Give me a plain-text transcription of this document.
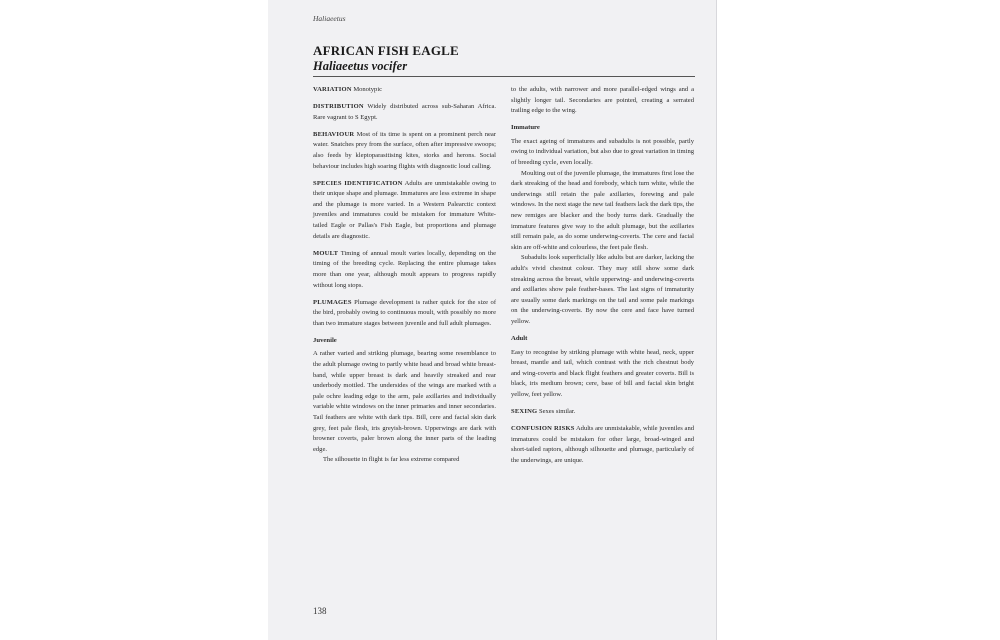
Haliaeetus
AFRICAN FISH EAGLE
Haliaeetus vocifer

VARIATION Monotypic

DISTRIBUTION Widely distributed across sub-Saharan Africa. Rare vagrant to S Egypt.

BEHAVIOUR Most of its time is spent on a prominent perch near water. Snatches prey from the surface, often after impressive swoops; also feeds by kleptoparasitising kites, storks and herons. Social behaviour includes high soaring flights with diagnostic loud calling.

SPECIES IDENTIFICATION Adults are unmistakable owing to their unique shape and plumage. Immatures are less extreme in shape and the plumage is more varied. In a Western Palearctic context juveniles and immatures could be mistaken for immature White-tailed Eagle or Pallas's Fish Eagle, but proportions and plumage details are diagnostic.

MOULT Timing of annual moult varies locally, depending on the timing of the breeding cycle. Replacing the entire plumage takes more than one year, although moult appears to progress rapidly without long stops.

PLUMAGES Plumage development is rather quick for the size of the bird, probably owing to continuous moult, with possibly no more than two immature stages between juvenile and full adult plumages.

Juvenile

A rather varied and striking plumage, bearing some resemblance to the adult plumage owing to partly white head and broad white breast-band, while upper breast is dark and heavily streaked and rear underbody mottled. The undersides of the wings are marked with a pale ochre leading edge to the arm, pale axillaries and individually variable white windows on the inner primaries and inner secondaries. Tail feathers are white with dark tips. Bill, cere and facial skin dark grey, feet pale flesh, iris greyish-brown. Upperwings are dark with browner coverts, paler brown along the inner parts of the leading edge.

The silhouette in flight is far less extreme compared

to the adults, with narrower and more parallel-edged wings and a slightly longer tail. Secondaries are pointed, creating a serrated trailing edge to the wing.

Immature

The exact ageing of immatures and subadults is not possible, partly owing to individual variation, but also due to great variation in timing of breeding cycle, even locally.

Moulting out of the juvenile plumage, the immatures first lose the dark streaking of the head and forebody, which turn white, while the underwings still retain the pale axillaries, forewing and pale windows. In the next stage the new tail feathers lack the dark tips, the new remiges are blacker and the body turns dark. Gradually the immature features give way to the adult plumage, but the axillaries still remain pale, as do some underwing-coverts. The cere and facial skin are off-white and colourless, the feet pale flesh.

Subadults look superficially like adults but are darker, lacking the adult's vivid chestnut colour. They may still show some dark streaking across the breast, while upperwing- and underwing-coverts and axillaries show pale feather-bases. The last signs of immaturity are usually some dark markings on the tail and some pale markings on the underwing-coverts. By now the cere and face have turned yellow.

Adult

Easy to recognise by striking plumage with white head, neck, upper breast, mantle and tail, which contrast with the rich chestnut body and wing-coverts and black flight feathers and greater coverts. Bill is black, iris medium brown; cere, base of bill and facial skin bright yellow, feet yellow.

SEXING Sexes similar.

CONFUSION RISKS Adults are unmistakable, while juveniles and immatures could be mistaken for other large, broad-winged and short-tailed raptors, although silhouette and plumage, particularly of the underwings, are unique.

138
